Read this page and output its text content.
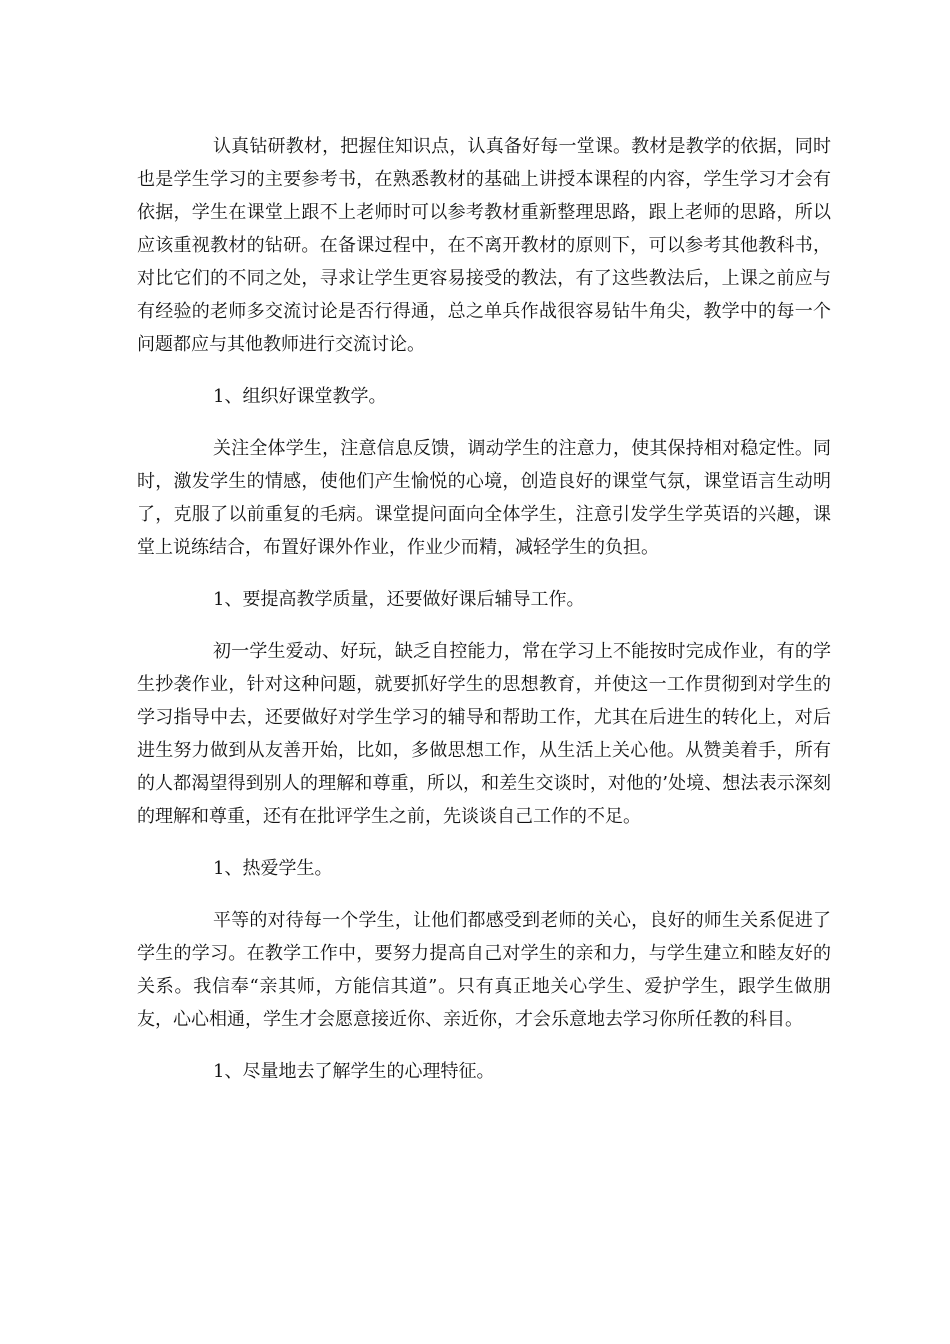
认真钻研教材，把握住知识点，认真备好每一堂课。教材是教学的依据，同时也是学生学习的主要参考书，在熟悉教材的基础上讲授本课程的内容，学生学习才会有依据，学生在课堂上跟不上老师时可以参考教材重新整理思路，跟上老师的思路，所以应该重视教材的钻研。在备课过程中，在不离开教材的原则下，可以参考其他教科书，对比它们的不同之处，寻求让学生更容易接受的教法，有了这些教法后，上课之前应与有经验的老师多交流讨论是否行得通，总之单兵作战很容易钻牛角尖，教学中的每一个问题都应与其他教师进行交流讨论。

1、组织好课堂教学。

关注全体学生，注意信息反馈，调动学生的注意力，使其保持相对稳定性。同时，激发学生的情感，使他们产生愉悦的心境，创造良好的课堂气氛，课堂语言生动明了，克服了以前重复的毛病。课堂提问面向全体学生，注意引发学生学英语的兴趣，课堂上说练结合，布置好课外作业，作业少而精，减轻学生的负担。

1、要提高教学质量，还要做好课后辅导工作。

初一学生爱动、好玩，缺乏自控能力，常在学习上不能按时完成作业，有的学生抄袭作业，针对这种问题，就要抓好学生的思想教育，并使这一工作贯彻到对学生的学习指导中去，还要做好对学生学习的辅导和帮助工作，尤其在后进生的转化上，对后进生努力做到从友善开始，比如，多做思想工作，从生活上关心他。从赞美着手，所有的人都渴望得到别人的理解和尊重，所以，和差生交谈时，对他的’处境、想法表示深刻的理解和尊重，还有在批评学生之前，先谈谈自己工作的不足。

1、热爱学生。

平等的对待每一个学生，让他们都感受到老师的关心，良好的师生关系促进了学生的学习。在教学工作中，要努力提高自己对学生的亲和力，与学生建立和睦友好的关系。我信奉“亲其师，方能信其道”。只有真正地关心学生、爱护学生，跟学生做朋友，心心相通，学生才会愿意接近你、亲近你，才会乐意地去学习你所任教的科目。

1、尽量地去了解学生的心理特征。
